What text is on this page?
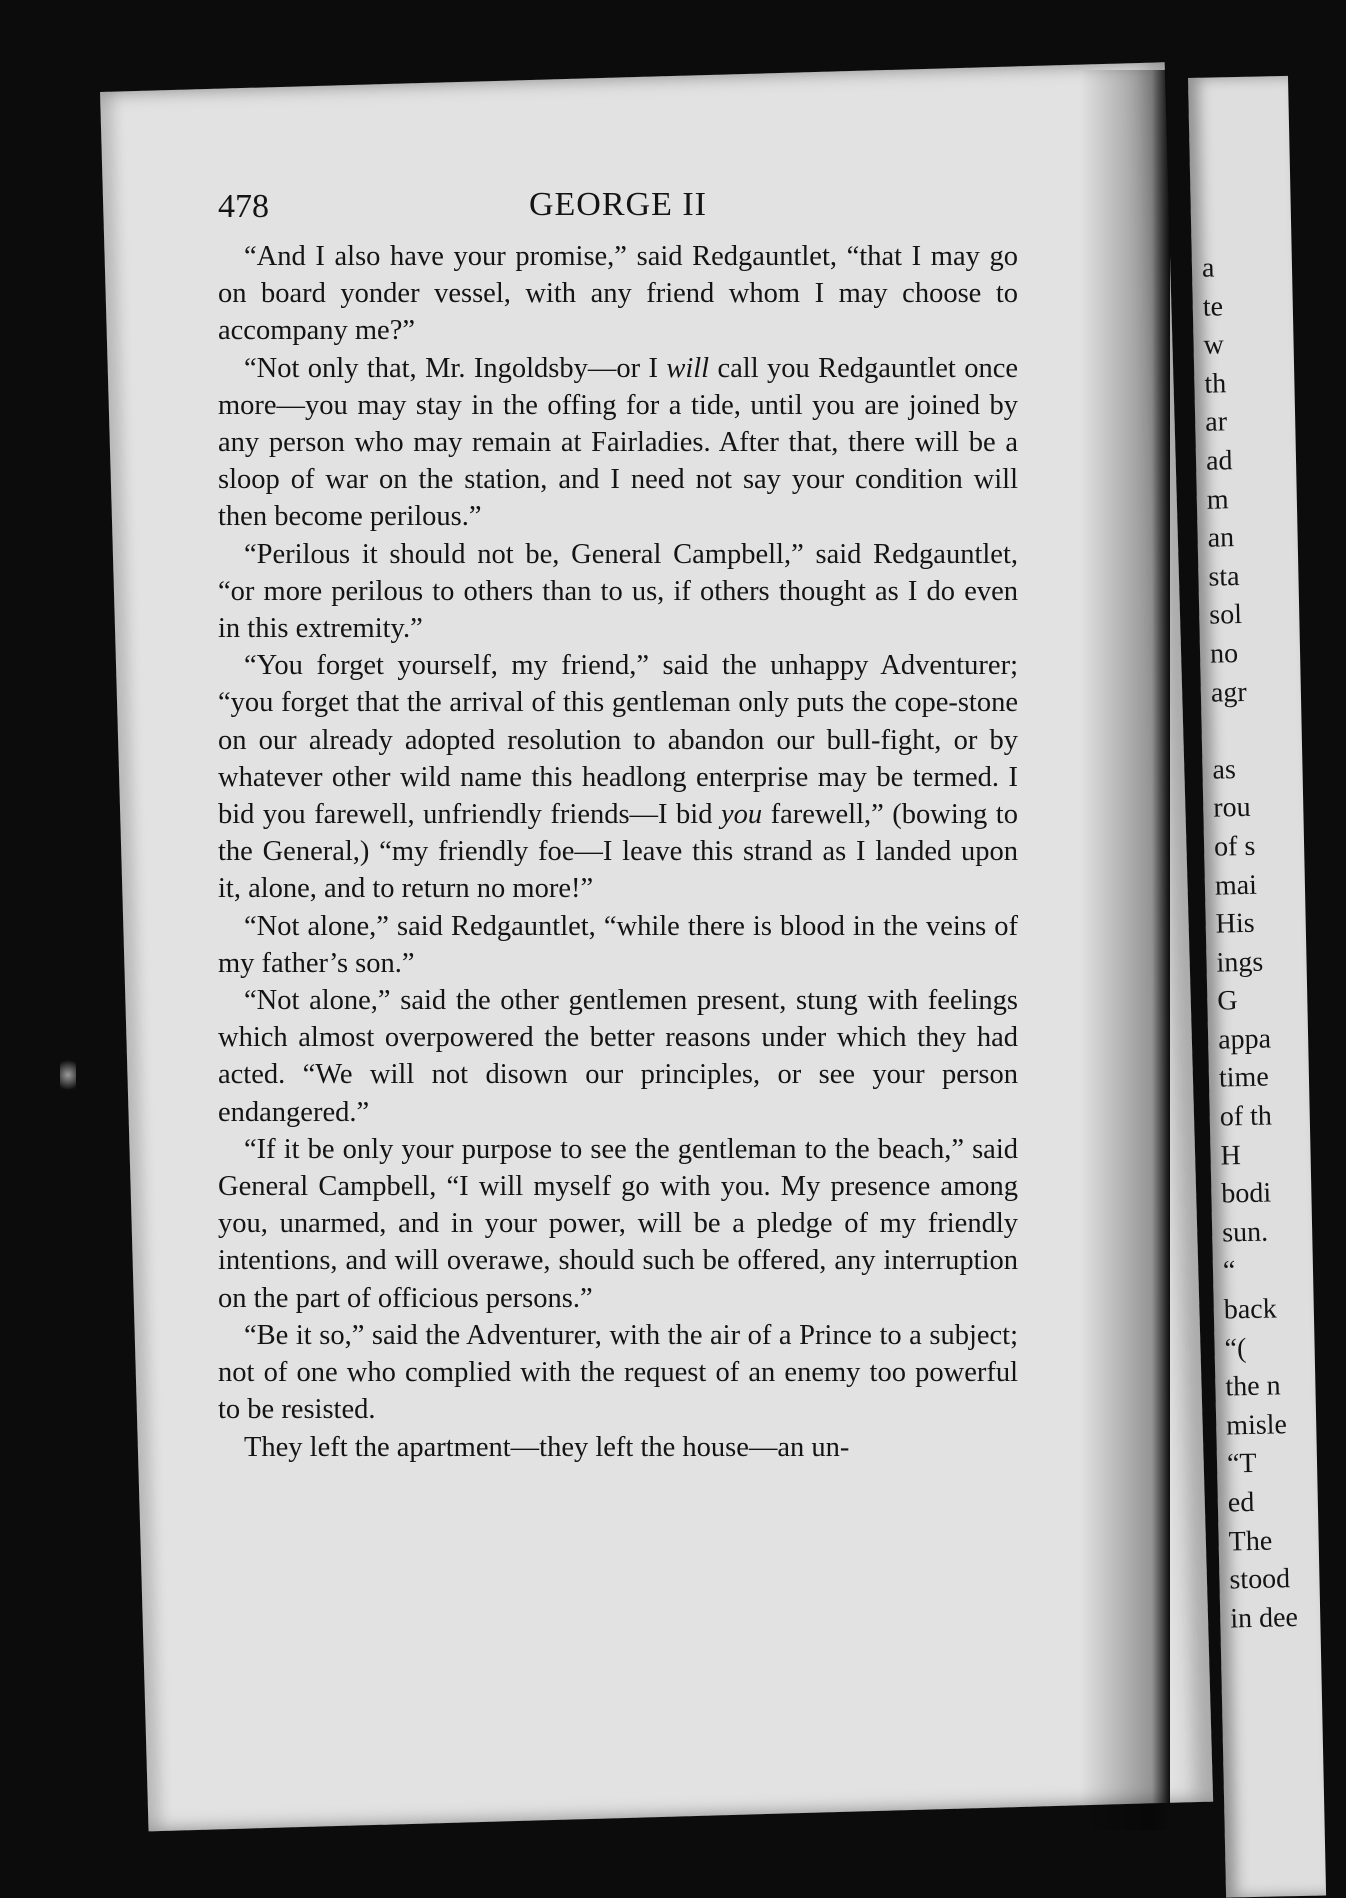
a
te
w
th
ar
ad
m
an
sta
sol
no
agr
as
rou
of s
mai
His
ings
G
appa
time
of th
H
bodi
sun.
“
back
“(
the n
misle
“T
ed
The
stood
in dee
478	GEORGE II

“And I also have your promise,” said Redgauntlet, “that I may go on board yonder vessel, with any friend whom I may choose to accompany me?”

“Not only that, Mr. Ingoldsby—or I will call you Redgauntlet once more—you may stay in the offing for a tide, until you are joined by any person who may remain at Fairladies. After that, there will be a sloop of war on the station, and I need not say your condition will then become perilous.”

“Perilous it should not be, General Campbell,” said Redgauntlet, “or more perilous to others than to us, if others thought as I do even in this extremity.”

“You forget yourself, my friend,” said the unhappy Adventurer; “you forget that the arrival of this gentleman only puts the cope-stone on our already adopted resolution to abandon our bull-fight, or by whatever other wild name this headlong enterprise may be termed. I bid you farewell, unfriendly friends—I bid you farewell,” (bowing to the General,) “my friendly foe—I leave this strand as I landed upon it, alone, and to return no more!”

“Not alone,” said Redgauntlet, “while there is blood in the veins of my father’s son.”

“Not alone,” said the other gentlemen present, stung with feelings which almost overpowered the better reasons under which they had acted. “We will not disown our principles, or see your person endangered.”

“If it be only your purpose to see the gentleman to the beach,” said General Campbell, “I will myself go with you. My presence among you, unarmed, and in your power, will be a pledge of my friendly intentions, and will overawe, should such be offered, any interruption on the part of officious persons.”

“Be it so,” said the Adventurer, with the air of a Prince to a subject; not of one who complied with the request of an enemy too powerful to be resisted.

They left the apartment—they left the house—an un-
